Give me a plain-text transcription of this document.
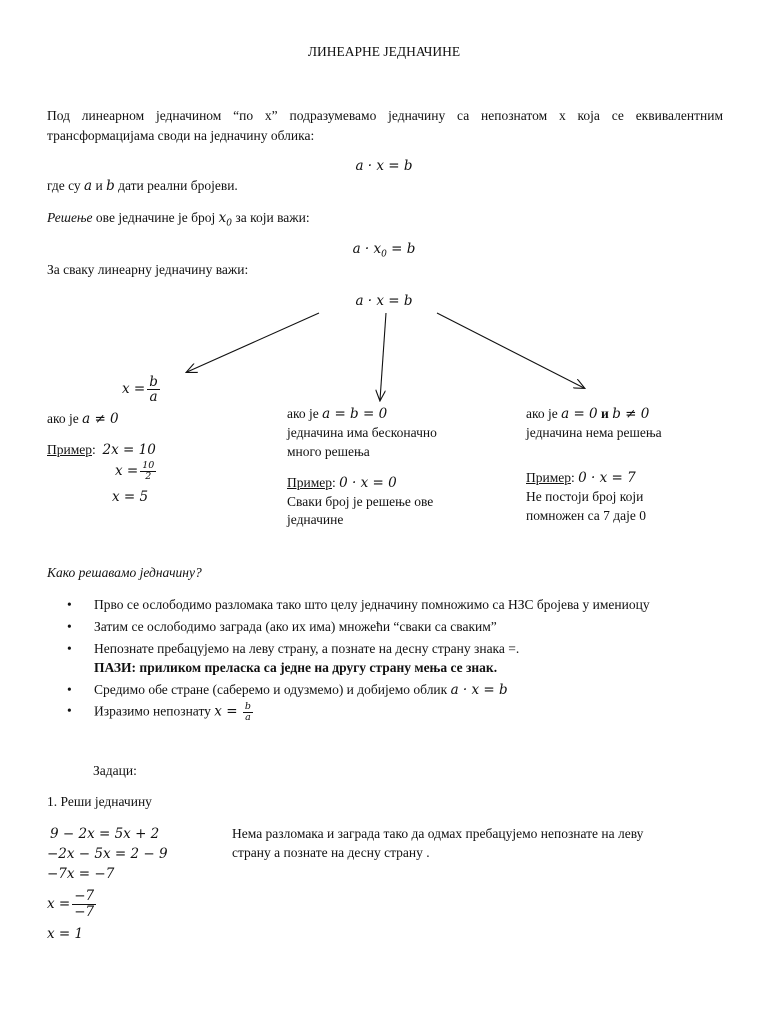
ЛИНЕАРНЕ ЈЕДНАЧИНЕ
Под линеарном једначином “по x” подразумевамо једначину са непознатом x која се еквивалентним трансформацијама своди на једначину облика:
a · x = b
где су a и b дати реални бројеви.
Решење ове једначине је број $x_0$ за који важи:
$a \cdot x_0 = b$
За сваку линеарну једначину важи:
a · x = b
$x = \frac{b}{a}$
ако је a ≠ 0
Пример:  2x = 10
$x = \frac{10}{2}$
x = 5
ако је a = b = 0
једначина има бесконачно много решења
Пример: 0 · x = 0
Сваки број је решење ове једначине
ако је a = 0 и b ≠ 0
једначина нема решења
Пример: 0 · x = 7
Не постоји број који помножен са 7 даје 0
Како решавамо једначину?
• Прво се ослободимо разломака тако што целу једначину помножимо са НЗС бројева у имениоцу
• Затим се ослободимо заграда (ако их има) множећи “сваки са сваким”
• Непознате пребацујемо на леву страну, а познате на десну страну знака =.
ПАЗИ: приликом преласка са једне на другу страну мења се знак.
• Средимо обе стране (саберемо и одузмемо) и добијемо облик a · x = b
• Изразимо непознату $x = \frac{b}{a}$
Задаци:
1. Реши једначину
9 − 2x = 5x + 2
−2x − 5x = 2 − 9
−7x = −7
$x = \frac{-7}{-7}$
x = 1
Нема разломака и заграда тако да одмах пребацујемо непознате на леву страну а познате на десну страну .
